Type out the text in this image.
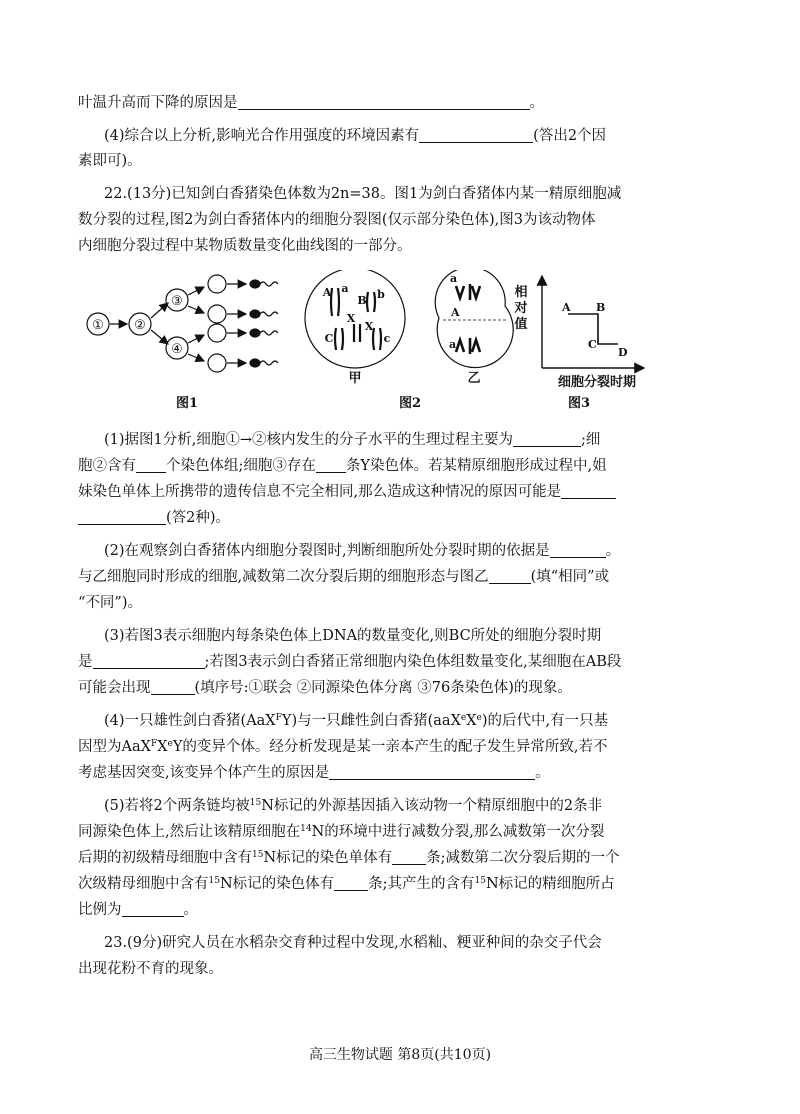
叶温升高而下降的原因是	。
(4)综合以上分析,影响光合作用强度的环境因素有	(答出2个因
素即可)。
22.(13分)已知剑白香猪染色体数为2n=38。图1为剑白香猪体内某一精原细胞减
数分裂的过程,图2为剑白香猪体内的细胞分裂图(仅示部分染色体),图3为该动物体
内细胞分裂过程中某物质数量变化曲线图的一部分。
① ②
③
④
A a
B b
C	c
X
X
a
A
a
甲	乙
相
对
值
细胞分裂时期
A B
C
D
图1	图2	图3
(1)据图1分析,细胞①→②核内发生的分子水平的生理过程主要为	;细
胞②含有 个染色体组;细胞③存在 条Y染色体。若某精原细胞形成过程中,姐
妹染色单体上所携带的遗传信息不完全相同,那么造成这种情况的原因可能是
(答2种)。
(2)在观察剑白香猪体内细胞分裂图时,判断细胞所处分裂时期的依据是	。
与乙细胞同时形成的细胞,减数第二次分裂后期的细胞形态与图乙	(填“相同”或
“不同”)。
(3)若图3表示细胞内每条染色体上DNA的数量变化,则BC所处的细胞分裂时期
是	;若图3表示剑白香猪正常细胞内染色体组数量变化,某细胞在AB段
可能会出现	(填序号:①联会 ②同源染色体分离 ③76条染色体)的现象。
(4)一只雄性剑白香猪(AaX$^F$Y)与一只雌性剑白香猪(aaX$^e$Xe)的后代中,有一只基
因型为AaX$^F$XeY的变异个体。经分析发现是某一亲本产生的配子发生异常所致,若不
考虑基因突变,该变异个体产生的原因是	。
(5)若将2个两条链均被$^{15}$N标记的外源基因插入该动物一个精原细胞中的2条非
同源染色体上,然后让该精原细胞在$^{14}$N的环境中进行减数分裂,那么减数第一次分裂
后期的初级精母细胞中含有$^{15}$N标记的染色单体有 条;减数第二次分裂后期的一个
次级精母细胞中含有$^{15}$N标记的染色体有 条;其产生的含有$^{15}$N标记的精细胞所占
比例为	。
23.(9分)研究人员在水稻杂交育种过程中发现,水稻籼、粳亚种间的杂交子代会
出现花粉不育的现象。
高三生物试题 第8页(共10页)
